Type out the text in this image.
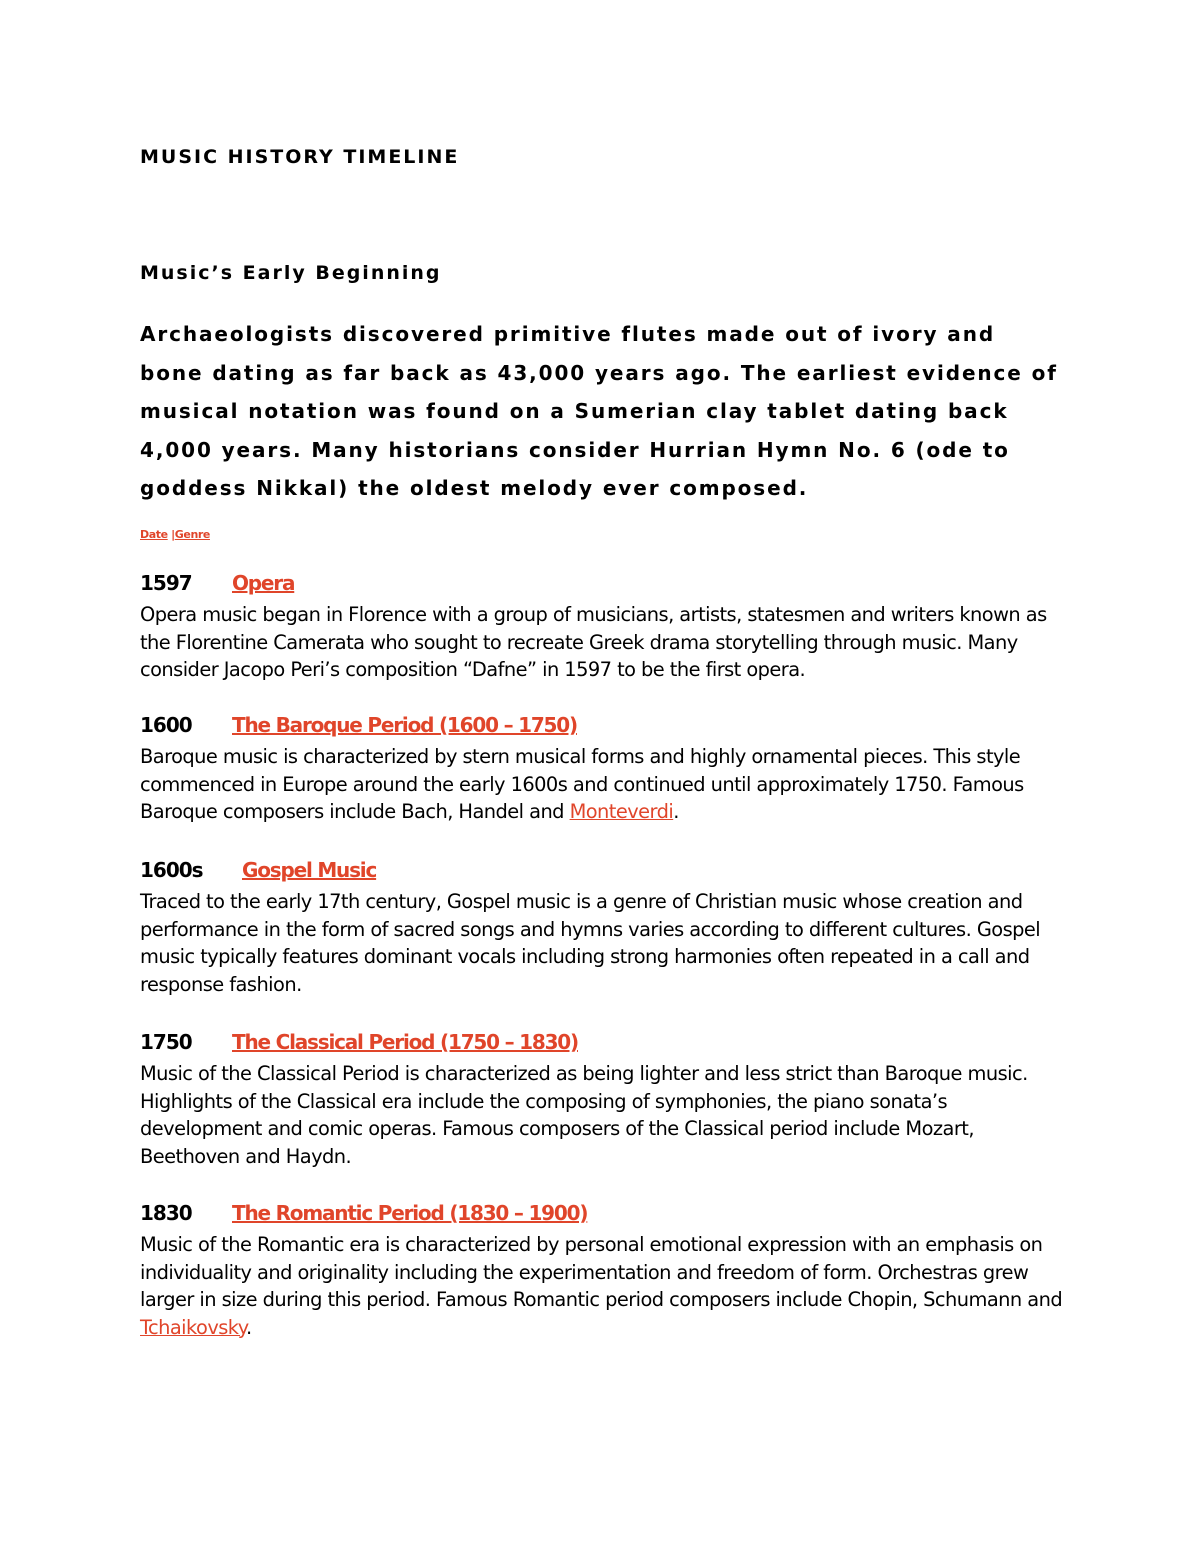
MUSIC HISTORY TIMELINE
Music’s Early Beginning

Archaeologists discovered primitive flutes made out of ivory and bone dating as far back as 43,000 years ago. The earliest evidence of musical notation was found on a Sumerian clay tablet dating back 4,000 years. Many historians consider Hurrian Hymn No. 6 (ode to goddess Nikkal) the oldest melody ever composed.

Date |Genre
1597 Opera

Opera music began in Florence with a group of musicians, artists, statesmen and writers known as the Florentine Camerata who sought to recreate Greek drama storytelling through music. Many consider Jacopo Peri’s composition “Dafne” in 1597 to be the first opera.

1600 The Baroque Period (1600 – 1750)

Baroque music is characterized by stern musical forms and highly ornamental pieces. This style commenced in Europe around the early 1600s and continued until approximately 1750. Famous Baroque composers include Bach, Handel and Monteverdi.

1600s Gospel Music

Traced to the early 17th century, Gospel music is a genre of Christian music whose creation and performance in the form of sacred songs and hymns varies according to different cultures. Gospel music typically features dominant vocals including strong harmonies often repeated in a call and response fashion.

1750 The Classical Period (1750 – 1830)

Music of the Classical Period is characterized as being lighter and less strict than Baroque music. Highlights of the Classical era include the composing of symphonies, the piano sonata’s development and comic operas. Famous composers of the Classical period include Mozart, Beethoven and Haydn.

1830 The Romantic Period (1830 – 1900)

Music of the Romantic era is characterized by personal emotional expression with an emphasis on individuality and originality including the experimentation and freedom of form. Orchestras grew larger in size during this period. Famous Romantic period composers include Chopin, Schumann and Tchaikovsky.
